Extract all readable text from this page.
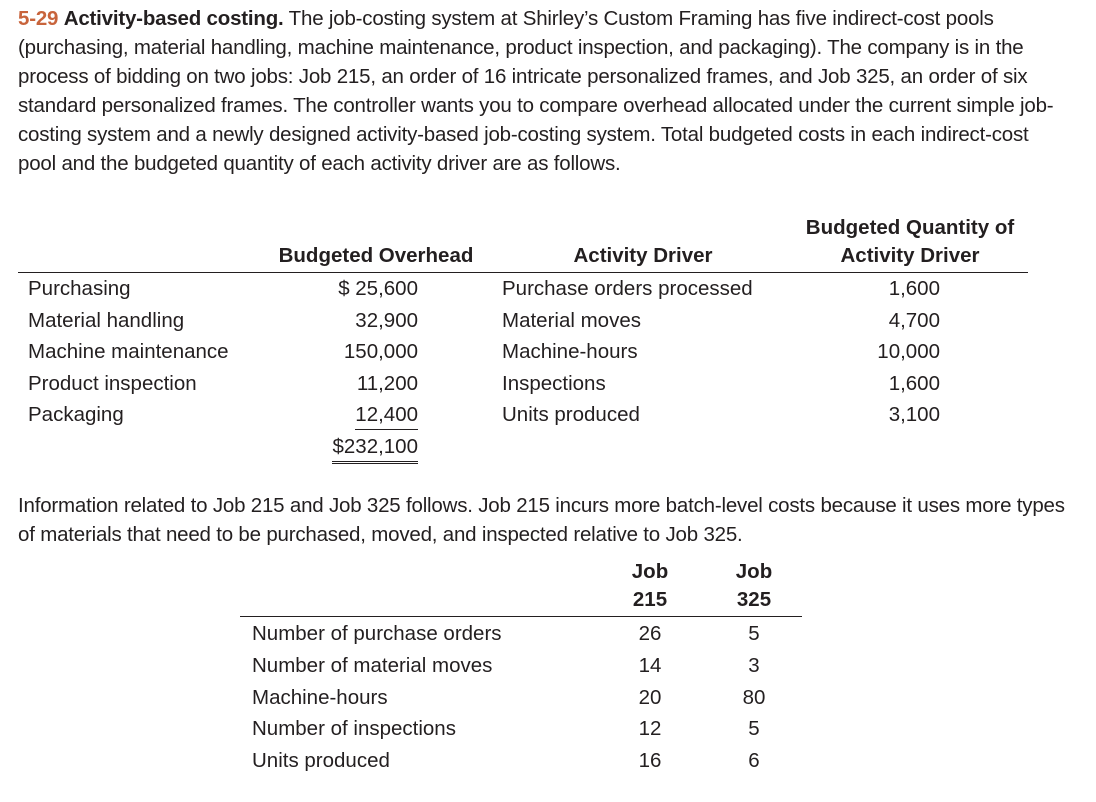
5-29 Activity-based costing. The job-costing system at Shirley’s Custom Framing has five indirect-cost pools (purchasing, material handling, machine maintenance, product inspection, and packaging). The company is in the process of bidding on two jobs: Job 215, an order of 16 intricate personalized frames, and Job 325, an order of six standard personalized frames. The controller wants you to compare overhead allocated under the current simple job-costing system and a newly designed activity-based job-costing system. Total budgeted costs in each indirect-cost pool and the budgeted quantity of each activity driver are as follows.
Budgeted Overhead	Activity Driver
Budgeted Quantity of
Activity Driver
Purchasing	$ 25,600	Purchase orders processed	1,600
Material handling	32,900	Material moves	4,700
Machine maintenance	150,000	Machine-hours	10,000
Product inspection	11,200	Inspections	1,600
Packaging	12,400	Units produced	3,100
$232,100
Information related to Job 215 and Job 325 follows. Job 215 incurs more batch-level costs because it uses more types of materials that need to be purchased, moved, and inspected relative to Job 325.
Job 215
Job 325
Number of purchase orders	26	5
Number of material moves	14	3
Machine-hours	20	80
Number of inspections	12	5
Units produced	16	6
